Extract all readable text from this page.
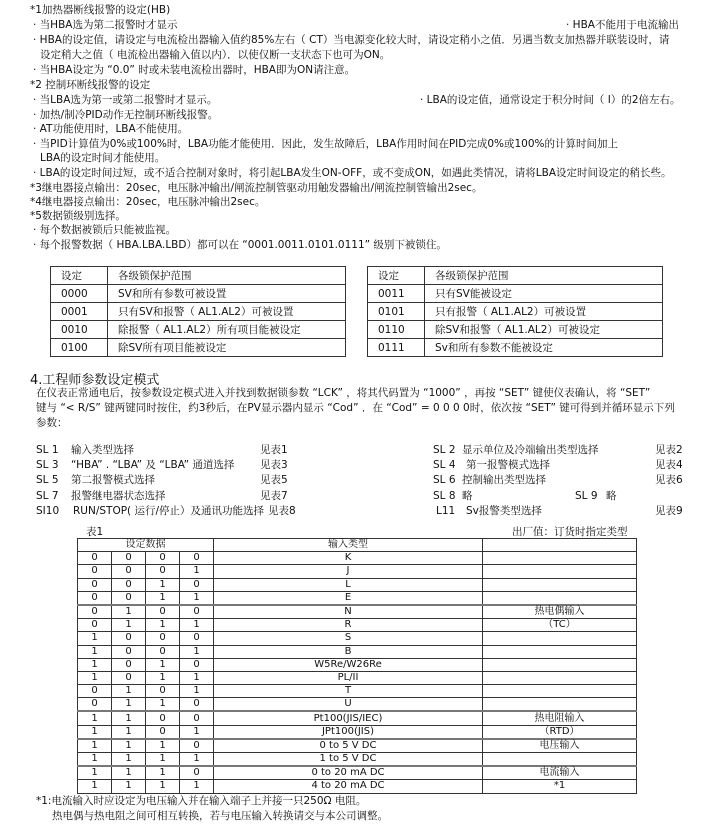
*1加热器断线报警的设定(HB)
· 当HBA选为第二报警时才显示	· HBA不能用于电流输出
· HBA的设定值，请设定与电流检出器输入值约85%左右（ CT）当电源变化较大时，请设定稍小之值．另遇当数支加热器并联装设时，请
设定稍大之值（ 电流检出器输入值以内）．以使仅断一支状态下也可为ON。
· 当HBA设定为 “0.0” 时或未装电流检出器时，HBA即为ON请注意。
*2 控制环断线报警的设定
· 当LBA选为第一或第二报警时才显示。	· LBA的设定值，通常设定于积分时间（ I）的2倍左右。
· 加热/制冷PID动作无控制环断线报警。
· AT功能使用时，LBA不能使用。
· 当PID计算值为0%或100%时，LBA功能才能使用．因此，发生故障后，LBA作用时间在PID完成0%或100%的计算时间加上
LBA的设定时间才能使用。
· LBA的设定时间过短，或不适合控制对象时，将引起LBA发生ON-OFF，或不变成ON，如遇此类情况，请将LBA设定时间设定的稍长些。
*3继电器接点输出：20sec，电压脉冲输出/闸流控制管驱动用触发器输出/闸流控制管输出2sec。
*4继电器接点输出：20sec，电压脉冲输出2sec。
*5数据锁级别选择。
· 每个数据被锁后只能被监视。
· 每个报警数据（ HBA.LBA.LBD）都可以在 “0001.0011.0101.0111” 级别下被锁住。
设定	各级锁保护范围
0000	SV和所有参数可被设置
0001	只有SV和报警（ AL1.AL2）可被设置
0010	除报警（ AL1.AL2）所有项目能被设定
0100	除SV所有项目能被设定
设定	各级锁保护范围
0011	只有SV能被设定
0101	只有报警（ AL1.AL2）可被设置
0110	除SV和报警（ AL1.AL2）可被设定
0111	Sv和所有参数不能被设定
4.工程师参数设定模式
在仪表正常通电后，按参数设定模式进入并找到数据锁参数 “LCK” ，将其代码置为 “1000” ，再按 “SET” 键使仪表确认，将 “SET”
键与 “< R/S” 键两键同时按住，约3秒后，在PV显示器内显示 “Cod” ．在 “Cod” = 0 0 0 0时，依次按 “SET” 键可得到并循环显示下列
参数：
SL 1 输入类型选择	见表1	SL 2 显示单位及冷端输出类型选择	见表2
SL 3 “HBA” . “LBA” 及 “LBA” 通道选择 见表3	SL 4 第一报警模式选择	见表4
SL 5 第二报警模式选择	见表5	SL 6 控制输出类型选择	见表6
SL 7 报警继电器状态选择	见表7	SL 8 略	SL 9 略
SI10 RUN/STOP( 运行/停止）及通讯功能选择 见表8	L11 Sv报警类型选择	见表9
表1	出厂值：订货时指定类型
设定数据				输入类型	
0	0	0	0	K	
0	0	0	1	J	
0	0	1	0	L	
0	0	1	1	E	
0	1	0	0	N	热电偶输入
0	1	1	1	R	（TC）
1	0	0	0	S	
1	0	0	1	B	
1	0	1	0	W5Re/W26Re	
1	0	1	1	PL/II	
0	1	0	1	T	
0	1	1	0	U	
1	1	0	0	Pt100(JIS/IEC)	热电阻输入
1	1	0	1	JPt100(JIS)	（RTD）
1	1	1	0	0 to 5 V DC	电压输入
1	1	1	1	1 to 5 V DC	
1	1	1	0	0 to 20 mA DC	电流输入
1	1	1	1	4 to 20 mA DC	*1
*1:电流输入时应设定为电压输入并在输入端子上并接一只250Ω 电阻。
热电偶与热电阻之间可相互转换，若与电压输入转换请交与本公司调整。
